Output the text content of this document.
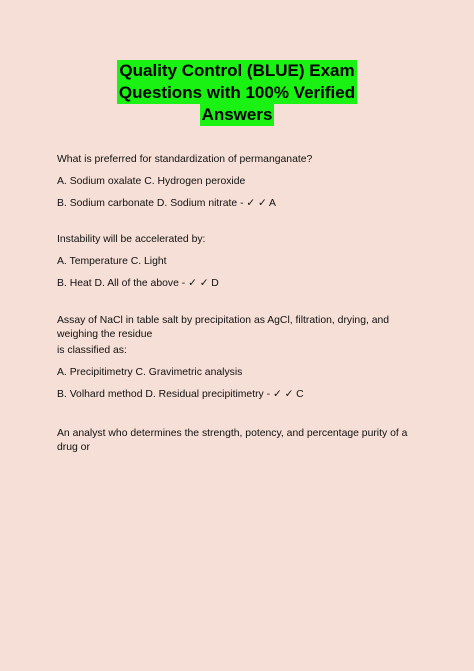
Quality Control (BLUE) Exam
Questions with 100% Verified
Answers

What is preferred for standardization of permanganate?

A. Sodium oxalate C. Hydrogen peroxide

B. Sodium carbonate D. Sodium nitrate - ✓ ✓ A

Instability will be accelerated by:

A. Temperature C. Light

B. Heat D. All of the above - ✓ ✓ D

Assay of NaCl in table salt by precipitation as AgCl, filtration, drying, and weighing the residue

is classified as:

A. Precipitimetry C. Gravimetric analysis

B. Volhard method D. Residual precipitimetry - ✓ ✓ C

An analyst who determines the strength, potency, and percentage purity of a drug or
